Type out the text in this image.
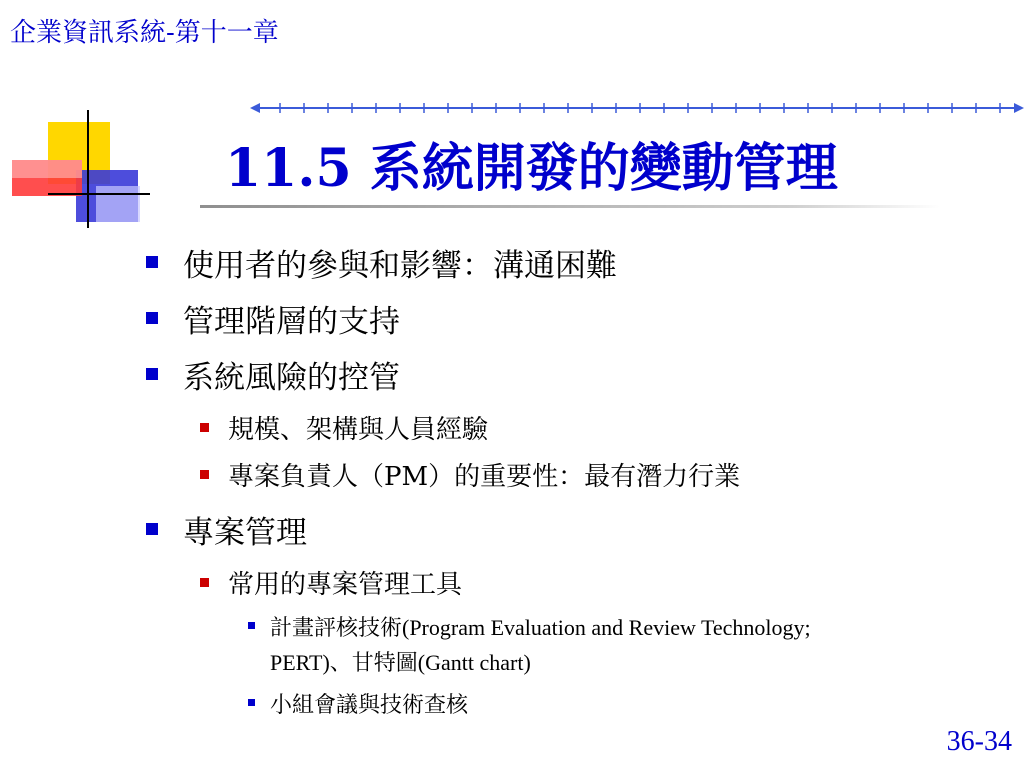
企業資訊系統-第十一章
11.5 系統開發的變動管理
使用者的參與和影響：溝通困難
管理階層的支持
系統風險的控管
規模、架構與人員經驗
專案負責人（PM）的重要性：最有潛力行業
專案管理
常用的專案管理工具
計畫評核技術(Program Evaluation and Review Technology;
PERT)、甘特圖(Gantt chart)
小組會議與技術查核
36-34
